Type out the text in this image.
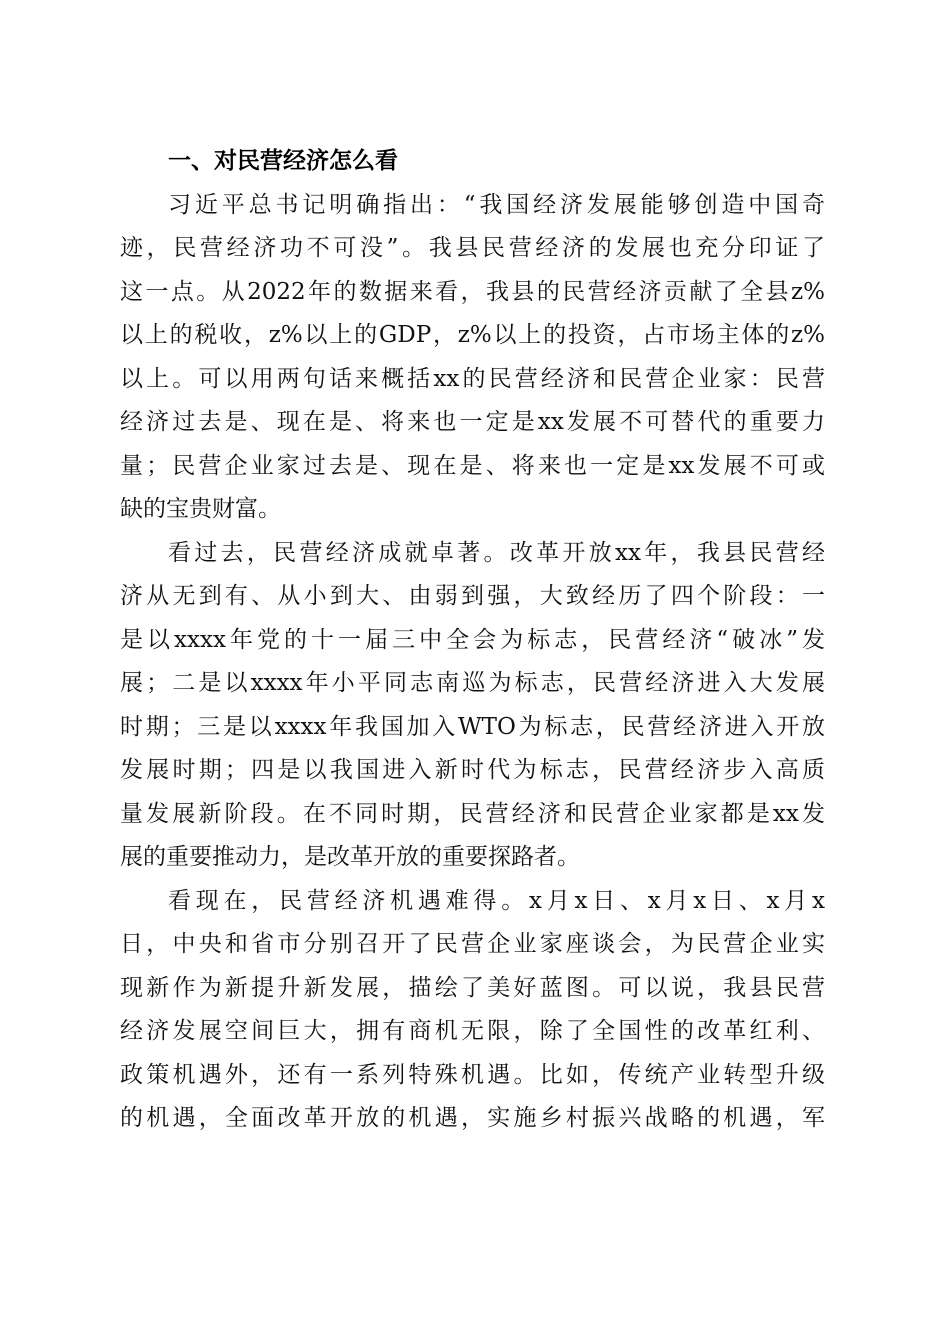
一、对民营经济怎么看
习近平总书记明确指出：“我国经济发展能够创造中国奇
迹，民营经济功不可没”。我县民营经济的发展也充分印证了
这一点。从2022年的数据来看，我县的民营经济贡献了全县z%
以上的税收，z%以上的GDP，z%以上的投资，占市场主体的z%
以上。可以用两句话来概括xx的民营经济和民营企业家：民营
经济过去是、现在是、将来也一定是xx发展不可替代的重要力
量；民营企业家过去是、现在是、将来也一定是xx发展不可或
缺的宝贵财富。
看过去，民营经济成就卓著。改革开放xx年，我县民营经
济从无到有、从小到大、由弱到强，大致经历了四个阶段：一
是以xxxx年党的十一届三中全会为标志，民营经济“破冰”发
展；二是以xxxx年小平同志南巡为标志，民营经济进入大发展
时期；三是以xxxx年我国加入WTO为标志，民营经济进入开放
发展时期；四是以我国进入新时代为标志，民营经济步入高质
量发展新阶段。在不同时期，民营经济和民营企业家都是xx发
展的重要推动力，是改革开放的重要探路者。
看现在，民营经济机遇难得。x月x日、x月x日、x月x
日，中央和省市分别召开了民营企业家座谈会，为民营企业实
现新作为新提升新发展，描绘了美好蓝图。可以说，我县民营
经济发展空间巨大，拥有商机无限，除了全国性的改革红利、
政策机遇外，还有一系列特殊机遇。比如，传统产业转型升级
的机遇，全面改革开放的机遇，实施乡村振兴战略的机遇，军
